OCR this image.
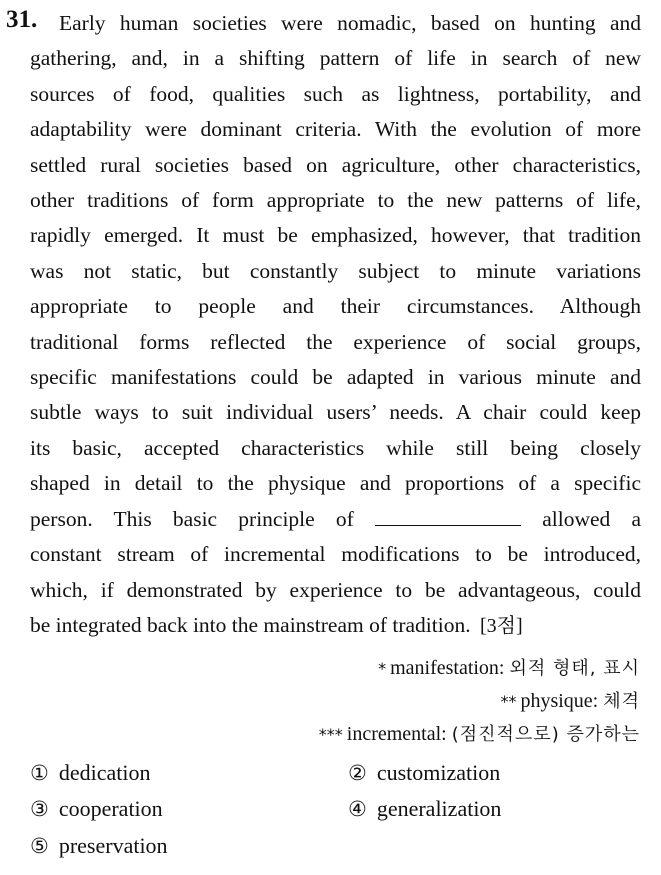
31.	Early human societies were nomadic, based on hunting and
gathering, and, in a shifting pattern of life in search of new
sources of food, qualities such as lightness, portability, and
adaptability were dominant criteria. With the evolution of more
settled rural societies based on agriculture, other characteristics,
other traditions of form appropriate to the new patterns of life,
rapidly emerged. It must be emphasized, however, that tradition
was not static, but constantly subject to minute variations
appropriate to people and their circumstances. Although
traditional forms reflected the experience of social groups,
specific manifestations could be adapted in various minute and
subtle ways to suit individual users’ needs. A chair could keep
its basic, accepted characteristics while still being closely
shaped in detail to the physique and proportions of a specific
person. This basic principle of	allowed a
constant stream of incremental modifications to be introduced,
which, if demonstrated by experience to be advantageous, could
be integrated back into the mainstream of tradition. [3점]
* manifestation: 외적 형태, 표시
** physique: 체격
*** incremental: (점진적으로) 증가하는
① dedication	② customization
③ cooperation	④ generalization
⑤ preservation
